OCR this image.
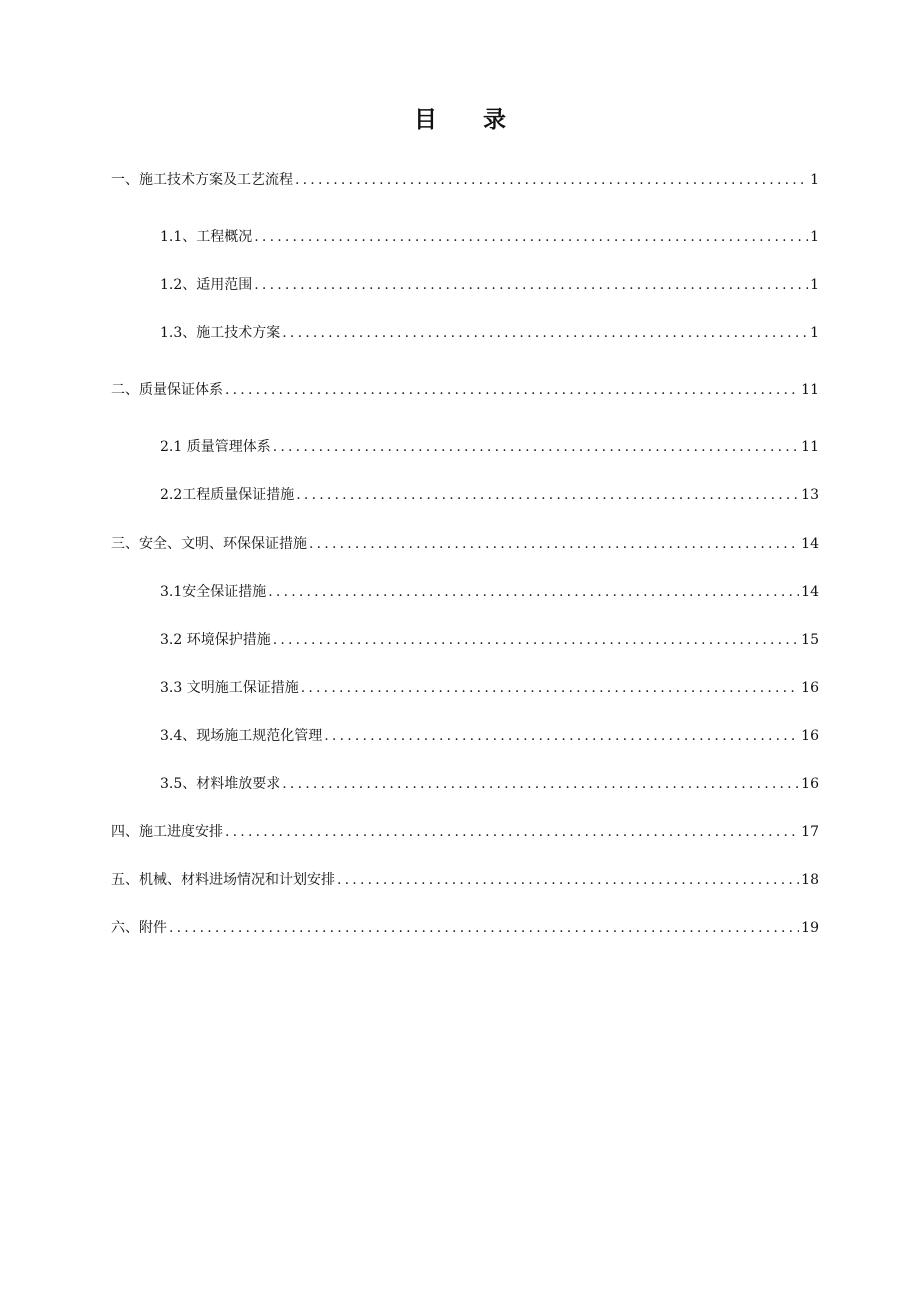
目录
一、施工技术方案及工艺流程 .....	1
1.1、工程概况 .....	1
1.2、适用范围 .....	1
1.3、施工技术方案 .....	1
二、质量保证体系 .....	11
2.1 质量管理体系 .....	11
2.2工程质量保证措施 .....	13
三、安全、文明、环保保证措施 .....	14
3.1安全保证措施 .....	14
3.2 环境保护措施 .....	15
3.3 文明施工保证措施 .....	16
3.4、现场施工规范化管理 .....	16
3.5、材料堆放要求 .....	16
四、施工进度安排 .....	17
五、机械、材料进场情况和计划安排 .....	18
六、附件 .....	19
